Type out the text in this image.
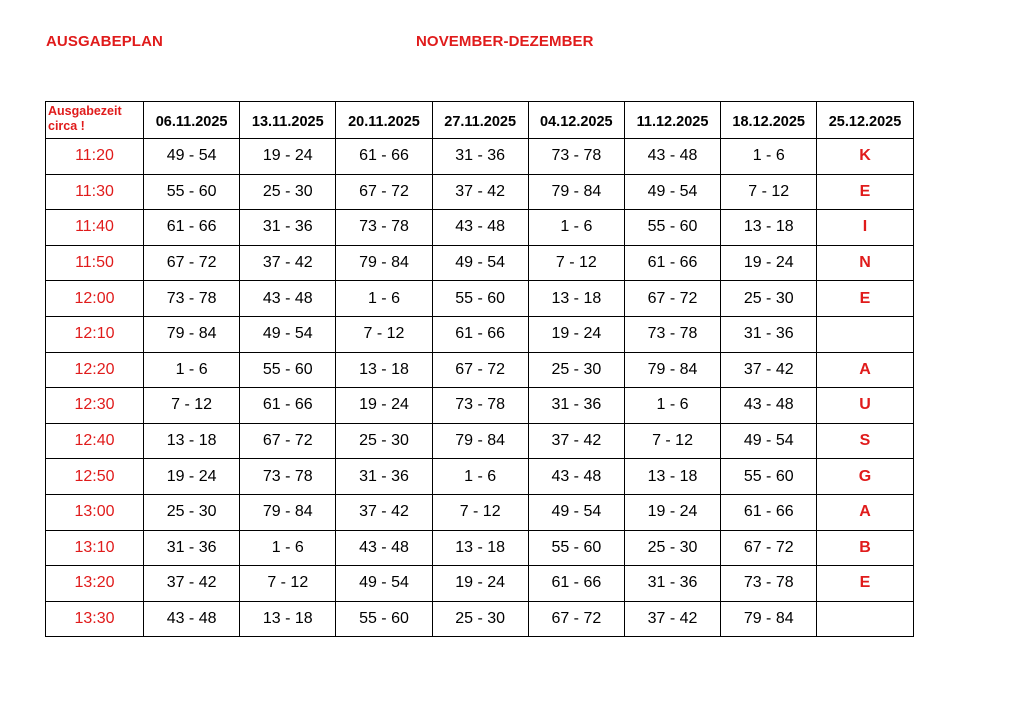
AUSGABEPLAN	NOVEMBER-DEZEMBER
Ausgabezeit
circa !	06.11.2025	13.11.2025	20.11.2025	27.11.2025	04.12.2025	11.12.2025	18.12.2025	25.12.2025
11:20	49 - 54	19 - 24	61 - 66	31 - 36	73 - 78	43 - 48	1 - 6	K
11:30	55 - 60	25 - 30	67 - 72	37 - 42	79 - 84	49 - 54	7 - 12	E
11:40	61 - 66	31 - 36	73 - 78	43 - 48	1 - 6	55 - 60	13 - 18	I
11:50	67 - 72	37 - 42	79 - 84	49 - 54	7 - 12	61 - 66	19 - 24	N
12:00	73 - 78	43 - 48	1 - 6	55 - 60	13 - 18	67 - 72	25 - 30	E
12:10	79 - 84	49 - 54	7 - 12	61 - 66	19 - 24	73 - 78	31 - 36	
12:20	1 - 6	55 - 60	13 - 18	67 - 72	25 - 30	79 - 84	37 - 42	A
12:30	7 - 12	61 - 66	19 - 24	73 - 78	31 - 36	1 - 6	43 - 48	U
12:40	13 - 18	67 - 72	25 - 30	79 - 84	37 - 42	7 - 12	49 - 54	S
12:50	19 - 24	73 - 78	31 - 36	1 - 6	43 - 48	13 - 18	55 - 60	G
13:00	25 - 30	79 - 84	37 - 42	7 - 12	49 - 54	19 - 24	61 - 66	A
13:10	31 - 36	1 - 6	43 - 48	13 - 18	55 - 60	25 - 30	67 - 72	B
13:20	37 - 42	7 - 12	49 - 54	19 - 24	61 - 66	31 - 36	73 - 78	E
13:30	43 - 48	13 - 18	55 - 60	25 - 30	67 - 72	37 - 42	79 - 84	
